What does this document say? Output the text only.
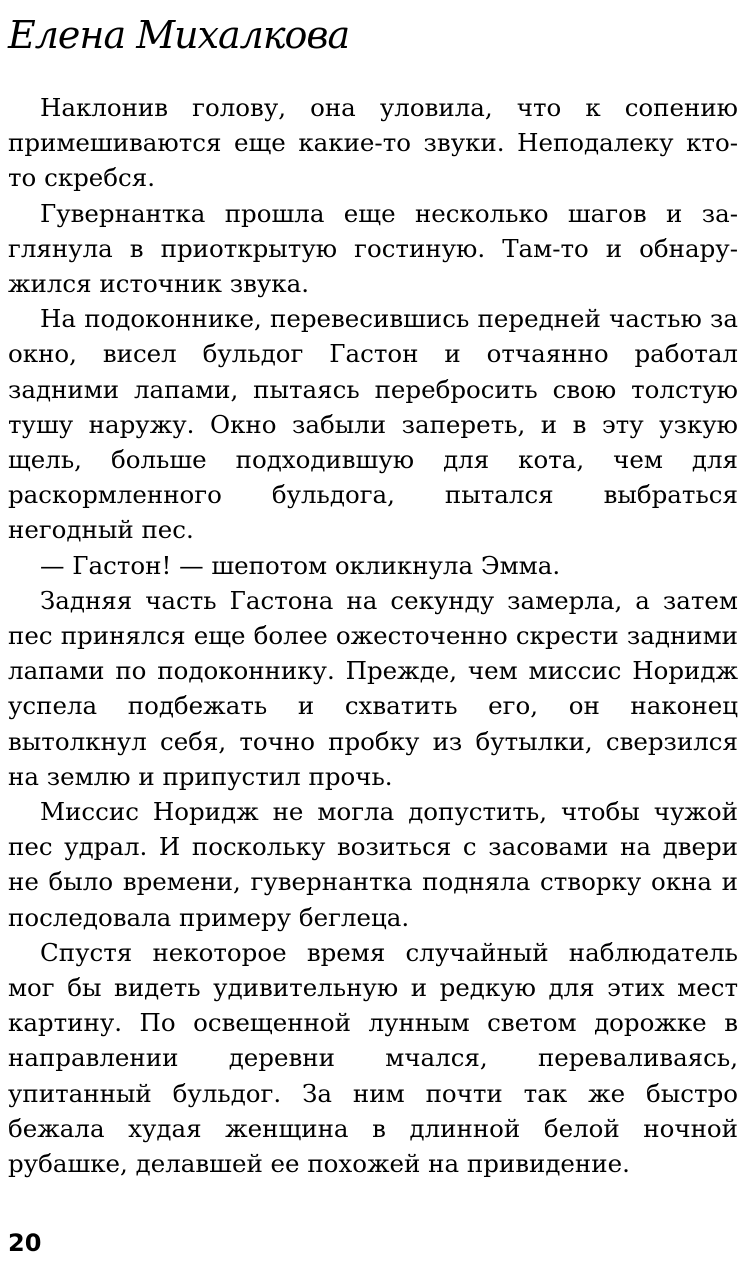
Елена Михалкова

Наклонив голову, она уловила, что к сопению примешиваются еще какие-то звуки. Неподалеку кто-то скребся.

Гувернантка прошла еще несколько шагов и заглянула в приоткрытую гостиную. Там-то и обнаружился источник звука.

На подоконнике, перевесившись передней частью за окно, висел бульдог Гастон и отчаянно работал задними лапами, пытаясь перебросить свою толстую тушу наружу. Окно забыли запереть, и в эту узкую щель, больше подходившую для кота, чем для раскормленного бульдога, пытался выбраться негодный пес.

— Гастон! — шепотом окликнула Эмма.

Задняя часть Гастона на секунду замерла, а затем пес принялся еще более ожесточенно скрести задними лапами по подоконнику. Прежде, чем миссис Норидж успела подбежать и схватить его, он наконец вытолкнул себя, точно пробку из бутылки, сверзился на землю и припустил прочь.

Миссис Норидж не могла допустить, чтобы чужой пес удрал. И поскольку возиться с засовами на двери не было времени, гувернантка подняла створку окна и последовала примеру беглеца.

Спустя некоторое время случайный наблюдатель мог бы видеть удивительную и редкую для этих мест картину. По освещенной лунным светом дорожке в направлении деревни мчался, переваливаясь, упитанный бульдог. За ним почти так же быстро бежала худая женщина в длинной белой ночной рубашке, делавшей ее похожей на привидение.

20
